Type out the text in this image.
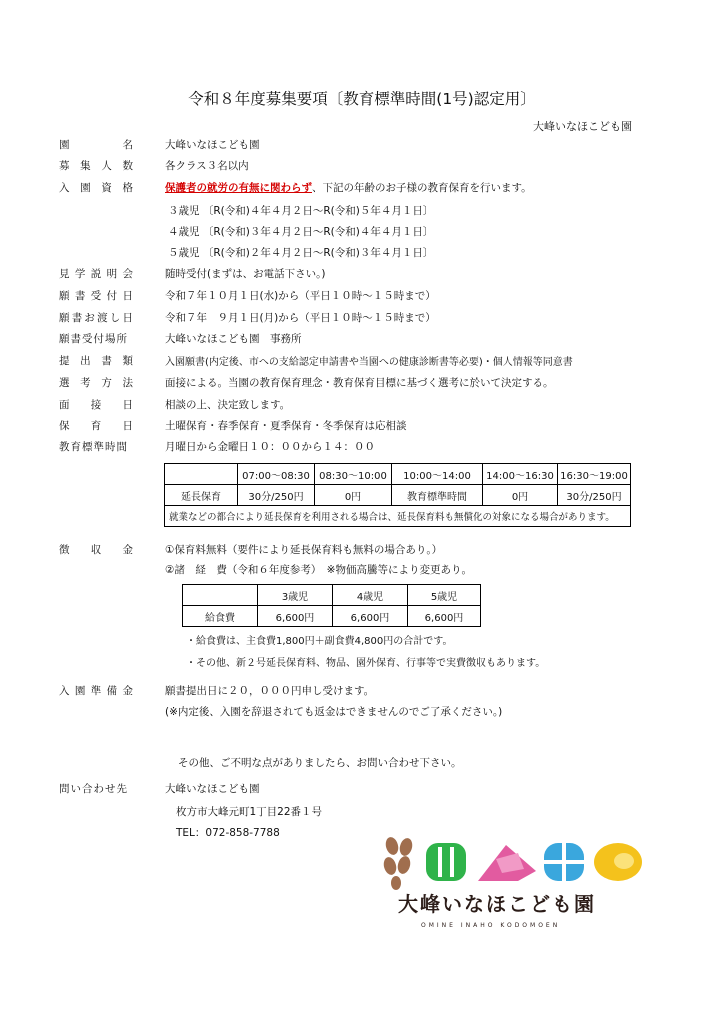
令和８年度募集要項〔教育標準時間(1号)認定用〕
大峰いなほこども園
園	名	大峰いなほこども園
募 集 人 数	各クラス３名以内
入 園 資 格	保護者の就労の有無に関わらず、下記の年齢のお子様の教育保育を行います。
３歳児 〔R(令和)４年４月２日〜R(令和)５年４月１日〕
４歳児 〔R(令和)３年４月２日〜R(令和)４年４月１日〕
５歳児 〔R(令和)２年４月２日〜R(令和)３年４月１日〕
見 学 説 明 会	随時受付(まずは、お電話下さい。)
願 書 受 付 日	令和７年１０月１日(水)から（平日１０時〜１５時まで）
願 書 お 渡 し 日	令和７年　９月１日(月)から（平日１０時〜１５時まで）
願書受付場所	大峰いなほこども園　事務所
提 出 書 類	入園願書(内定後、市への支給認定申請書や当園への健康診断書等必要)・個人情報等同意書
選 考 方 法	面接による。当園の教育保育理念・教育保育目標に基づく選考に於いて決定する。
面 接 日	相談の上、決定致します。
保 育 日	土曜保育・春季保育・夏季保育・冬季保育は応相談
教育標準時間	月曜日から金曜日１０：００から１４：００
	07:00〜08:30	08:30〜10:00	10:00〜14:00	14:00〜16:30	16:30〜19:00
延長保育	30分/250円	0円	教育標準時間	0円	30分/250円
就業などの都合により延長保育を利用される場合は、延長保育料も無償化の対象になる場合があります。					
徴 収 金	①保育料無料（要件により延長保育料も無料の場合あり。）
②諸　経　費（令和６年度参考）　※物価高騰等により変更あり。
	3歳児	4歳児	5歳児
給食費	6,600円	6,600円	6,600円
・給食費は、主食費1,800円＋副食費4,800円の合計です。
・その他、新２号延長保育料、物品、園外保育、行事等で実費徴収もあります。
入 園 準 備 金	願書提出日に２０，０００円申し受けます。
(※内定後、入園を辞退されても返金はできませんのでご了承ください。)
その他、ご不明な点がありましたら、お問い合わせ下さい。
問い合わせ先	大峰いなほこども園
枚方市大峰元町1丁目22番１号
TEL：072-858-7788
大峰いなほこども園
OMINE INAHO KODOMOEN
